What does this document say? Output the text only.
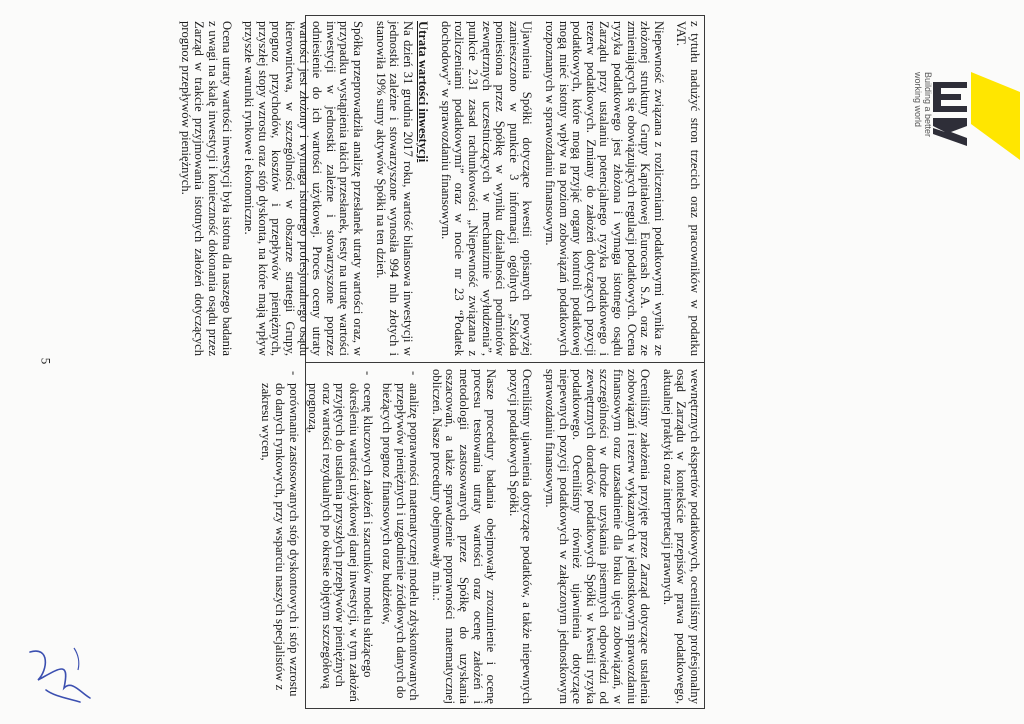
Building a better
working world

z tytułu nadużyć stron trzecich oraz pracowników w podatku VAT.

Niepewność związana z rozliczeniami podatkowymi wynika ze złożonej struktury Grupy Kapitałowej Eurocash S.A. oraz ze zmieniających się obowiązujących regulacji podatkowych. Ocena ryzyka podatkowego jest złożona i wymaga istotnego osądu Zarządu przy ustalaniu potencjalnego ryzyka podatkowego i rezerw podatkowych. Zmiany do założeń dotyczących pozycji podatkowych, które mogą przyjąć organy kontroli podatkowej mogą mieć istotny wpływ na poziom zobowiązań podatkowych rozpoznanych w sprawozdaniu finansowym.

Ujawnienia Spółki dotyczące kwestii opisanych powyżej zamieszczono w punkcie 3 informacji ogólnych „Szkoda poniesiona przez Spółkę w wyniku działalności podmiotów zewnętrznych uczestniczących w mechanizmie wyłudzenia”, punkcie 2.31 zasad rachunkowości „Niepewność związana z rozliczeniami podatkowymi” oraz w nocie nr 23 “Podatek dochodowy” w sprawozdaniu finansowym.

Utrata wartości inwestycji

Na dzień 31 grudnia 2017 roku, wartość bilansowa inwestycji w jednostki zależne i stowarzyszone wynosiła 994 mln złotych i stanowiła 19% sumy aktywów Spółki na ten dzień.

Spółka przeprowadziła analizę przesłanek utraty wartości oraz, w przypadku wystąpienia takich przesłanek, testy na utratę wartości inwestycji w jednostki zależne i stowarzyszone poprzez odniesienie do ich wartości użytkowej. Proces oceny utraty wartości jest złożony i wymaga istotnego profesjonalnego osądu kierownictwa, w szczególności w obszarze strategii Grupy, prognoz przychodów, kosztów i przepływów pieniężnych, przyszłej stopy wzrostu oraz stóp dyskonta, na które mają wpływ przyszłe warunki rynkowe i ekonomiczne.

Ocena utraty wartości inwestycji była istotna dla naszego badania z uwagi na skalę inwestycji i konieczność dokonania osądu przez Zarząd w trakcie przyjmowania istotnych założeń dotyczących prognoz przepływów pieniężnych.

wewnętrznych ekspertów podatkowych, oceniliśmy profesjonalny osąd Zarządu w kontekście przepisów prawa podatkowego, aktualnej praktyki oraz interpretacji prawnych.

Oceniliśmy założenia przyjęte przez Zarząd dotyczące ustalenia zobowiązań i rezerw wykazanych w jednostkowym sprawozdaniu finansowym oraz uzasadnienie dla braku ujęcia zobowiązań, w szczególności w drodze uzyskania pisemnych odpowiedzi od zewnętrznych doradców podatkowych Spółki w kwestii ryzyka podatkowego. Oceniliśmy również ujawnienia dotyczące niepewnych pozycji podatkowych w załączonym jednostkowym sprawozdaniu finansowym.

Oceniliśmy ujawnienia dotyczące podatków, a także niepewnych pozycji podatkowych Spółki.

Nasze procedury badania obejmowały zrozumienie i ocenę procesu testowania utraty wartości oraz ocenę założeń i metodologii zastosowanych przez Spółkę do uzyskania oszacowań, a także sprawdzenie poprawności matematycznej obliczeń. Nasze procedury obejmowały m.in.:

- analizę poprawności matematycznej modelu zdyskontowanych przepływów pieniężnych i uzgodnienie źródłowych danych do bieżących prognoz finansowych oraz budżetów,
- ocenę kluczowych założeń i szacunków modelu służącego określeniu wartości użytkowej danej inwestycji, w tym założeń przyjętych do ustalenia przyszłych przepływów pieniężnych oraz wartości rezydualnych po okresie objętym szczegółową prognozą,
- porównanie zastosowanych stóp dyskontowych i stóp wzrostu do danych rynkowych, przy wsparciu naszych specjalistów z zakresu wycen,
5
